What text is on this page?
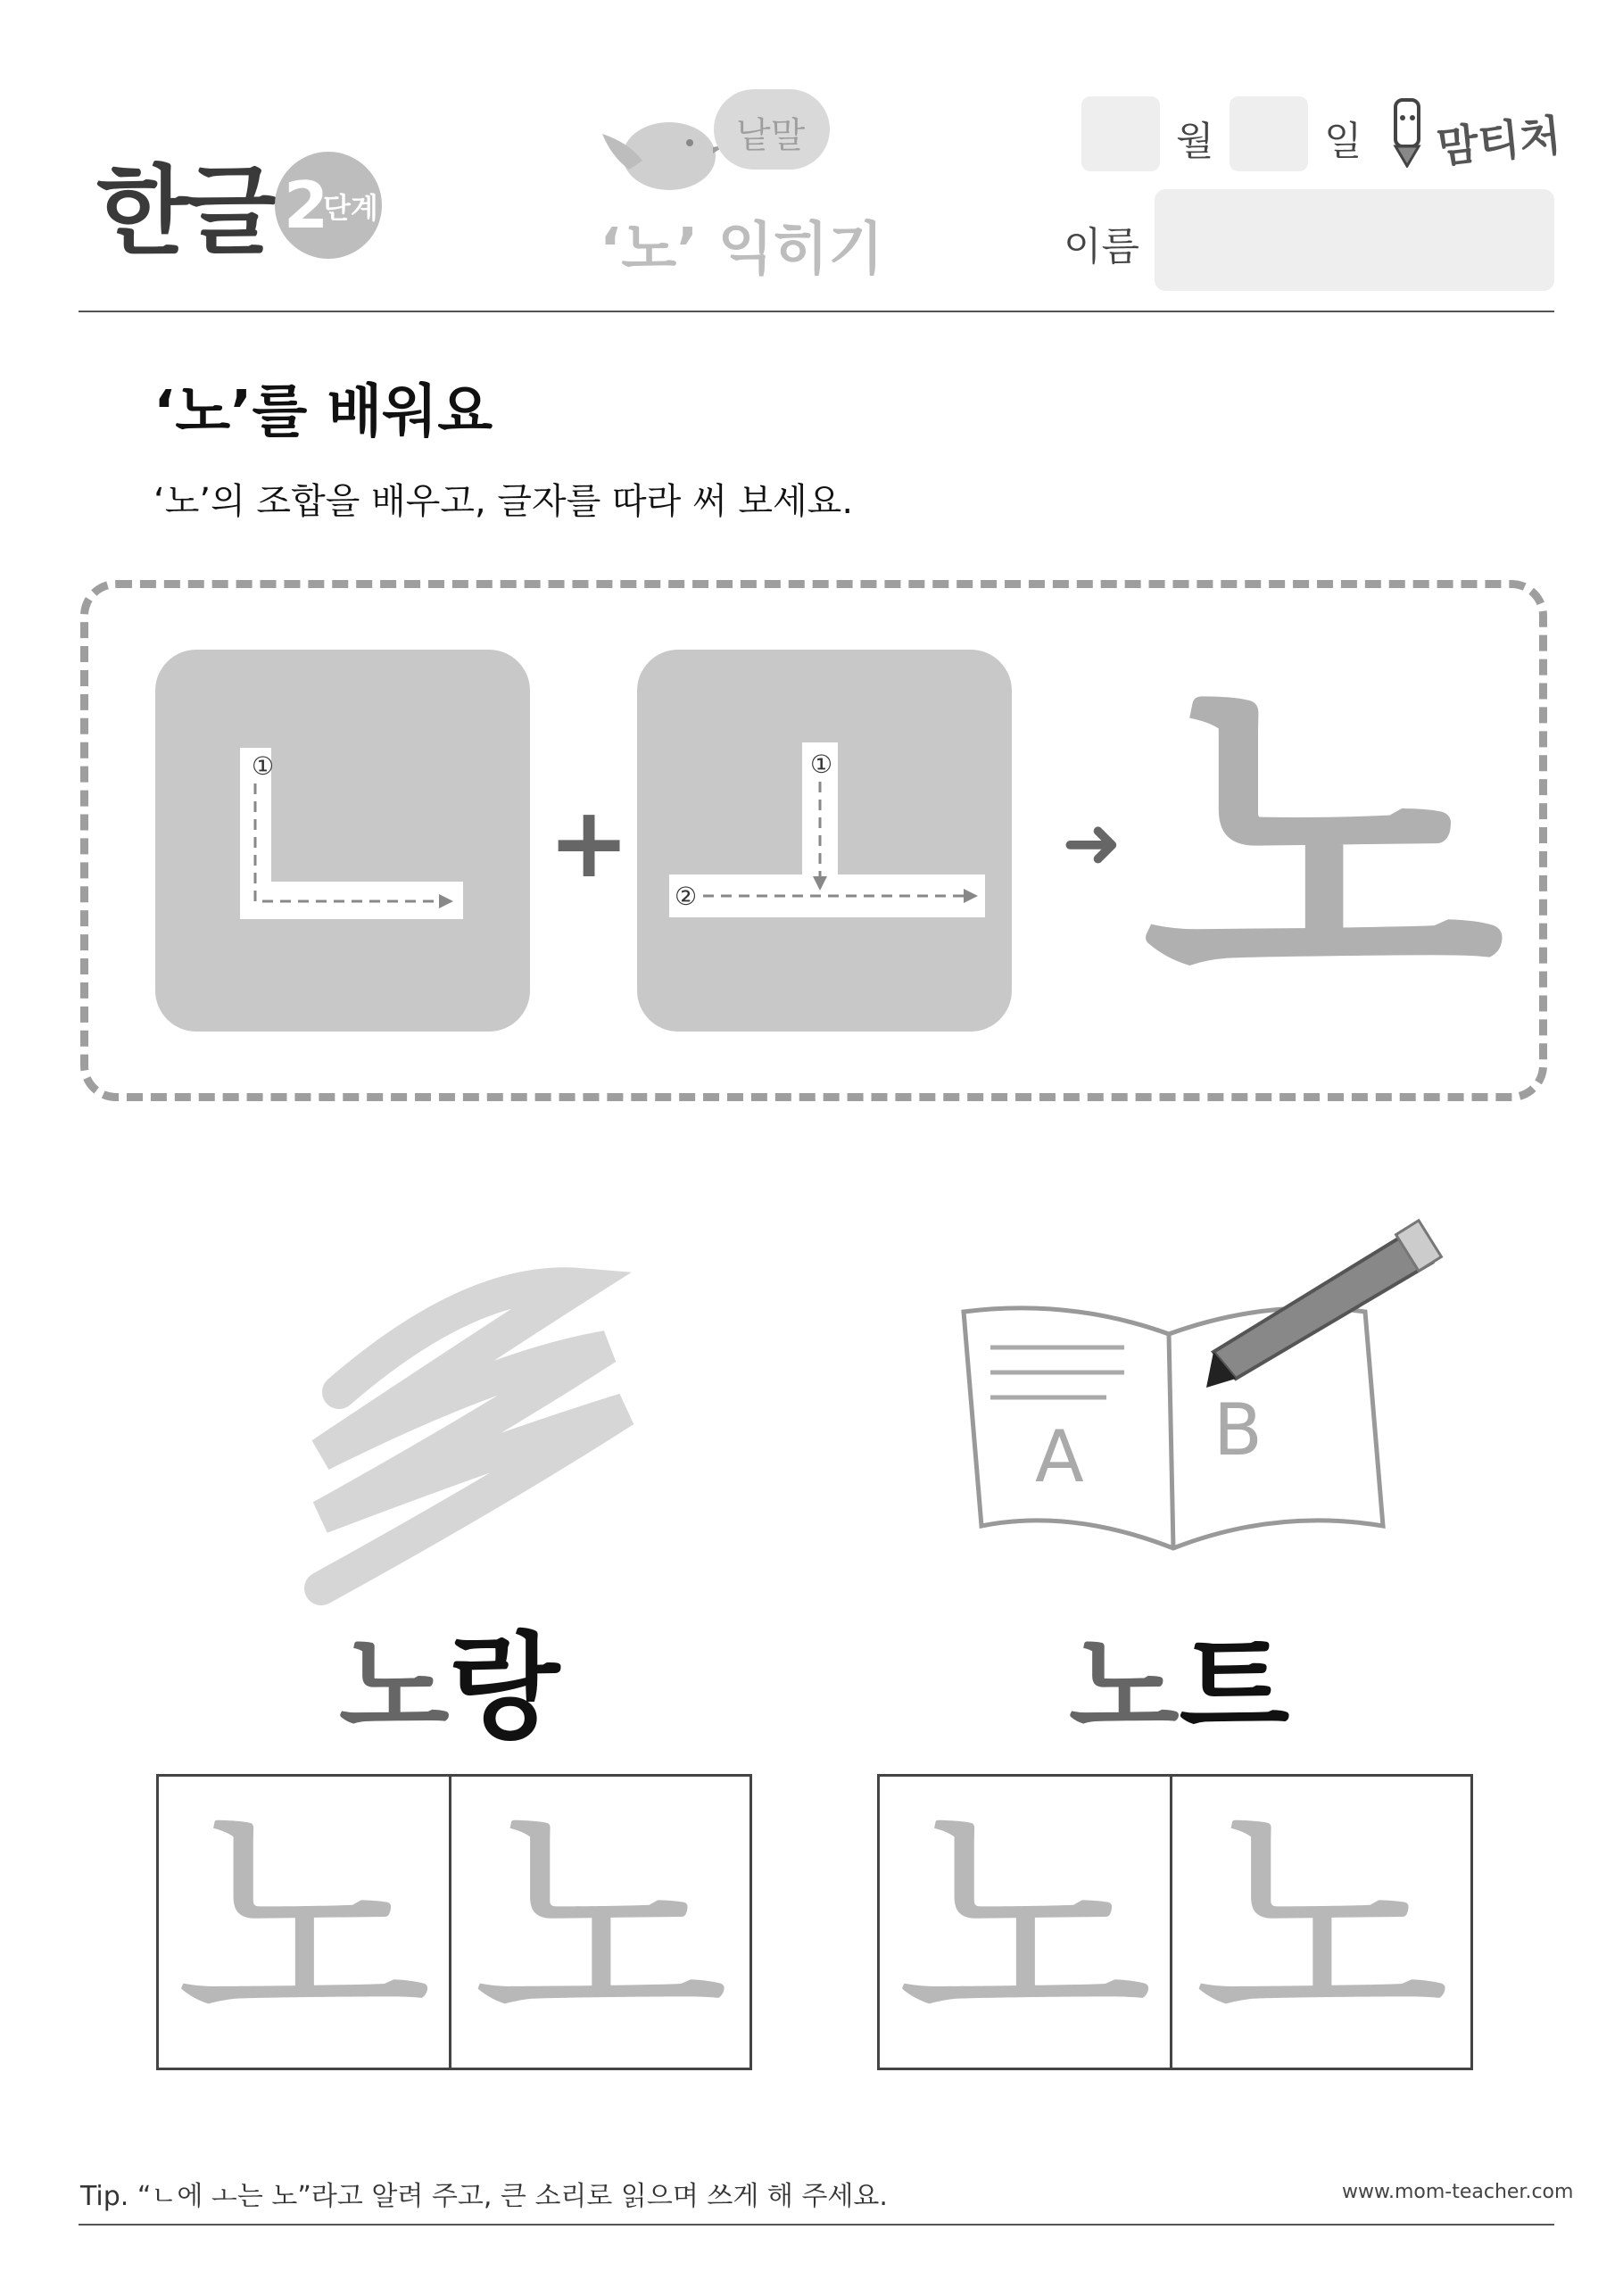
한글 2
단계
낱말
‘노’ 익히기
월	일 맘티처
이름
‘노’를 배워요
‘노’의 조합을 배우고, 글자를 따라 써 보세요.
①
+
①
②
➜ 노
노랑
노 노
A B
노트
노 노
Tip. “ㄴ에 ㅗ는 노”라고 알려 주고, 큰 소리로 읽으며 쓰게 해 주세요.	www.mom-teacher.com
